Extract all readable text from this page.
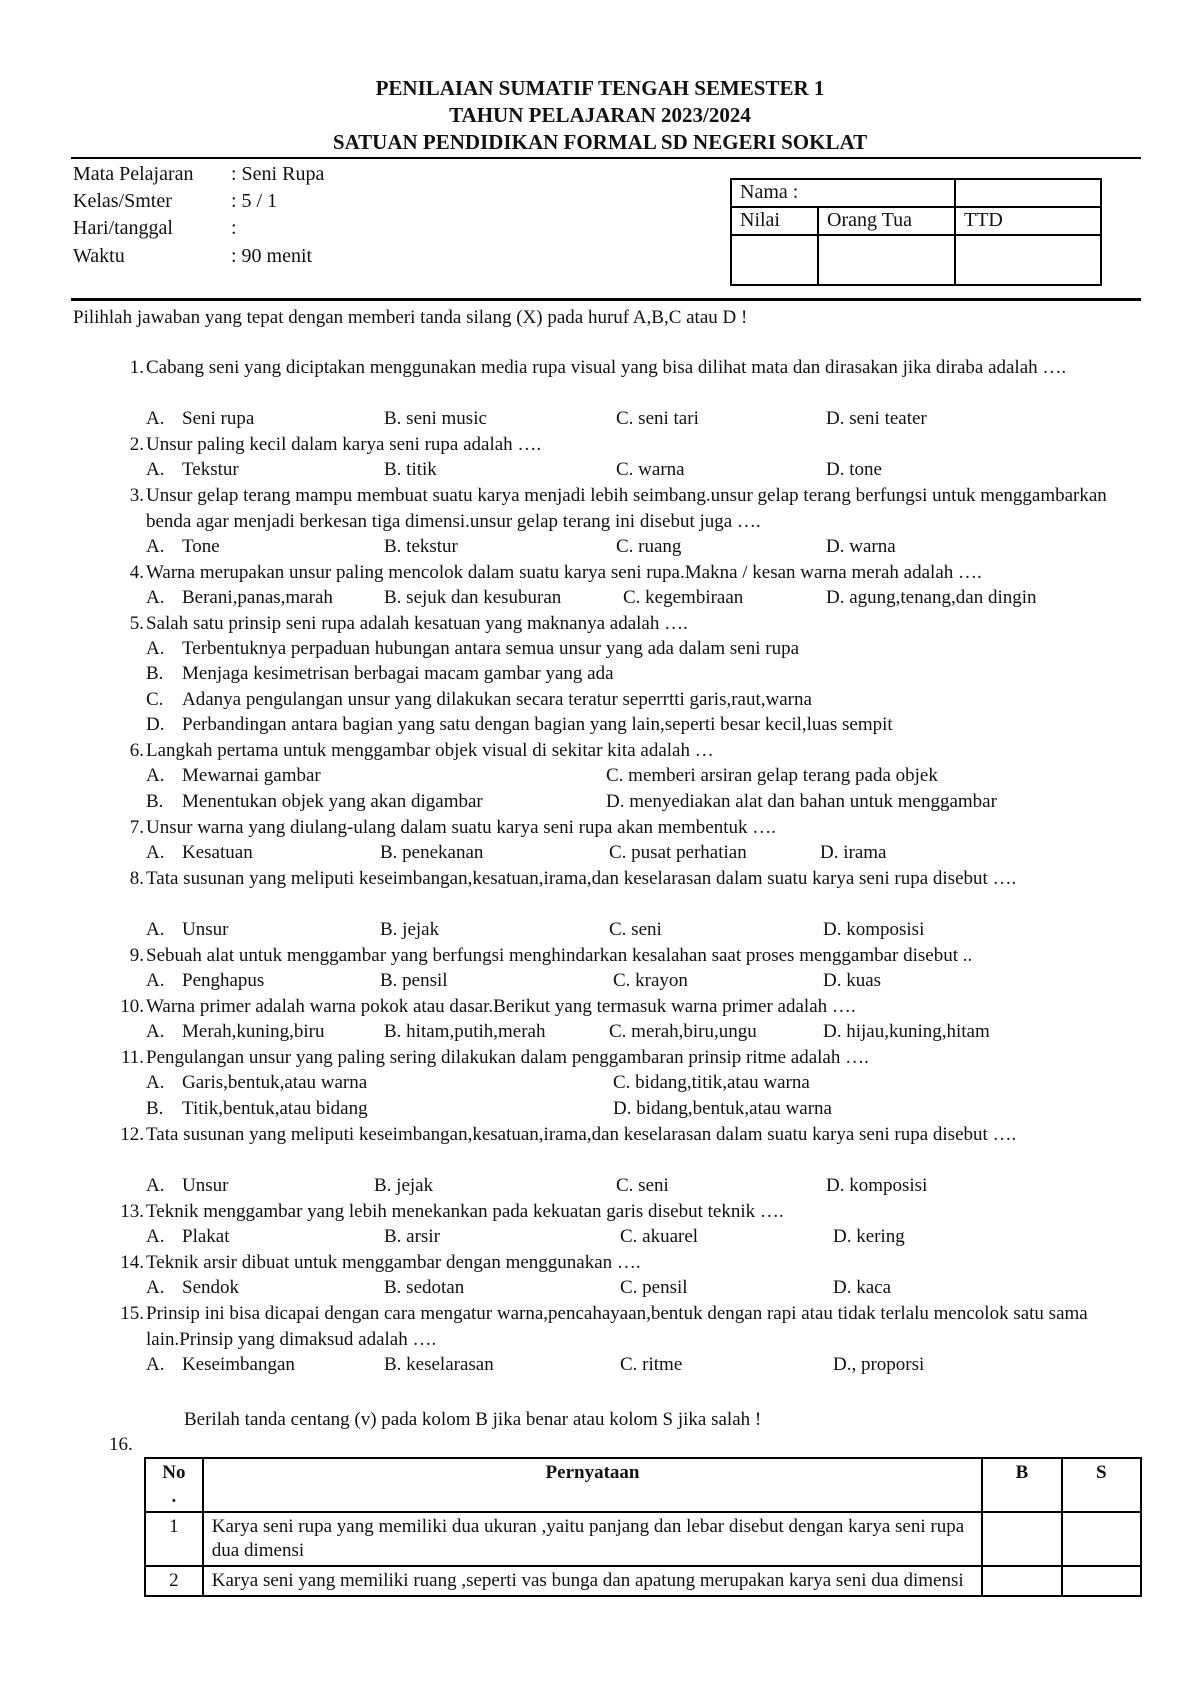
PENILAIAN SUMATIF TENGAH SEMESTER 1
TAHUN PELAJARAN 2023/2024
SATUAN PENDIDIKAN FORMAL SD NEGERI SOKLAT
Mata Pelajaran : Seni Rupa
Kelas/Smter	: 5 / 1
Hari/tanggal	:
Waktu	: 90 menit
Nama :		
Nilai	Orang Tua	TTD

Pilihlah jawaban yang tepat dengan memberi tanda silang (X) pada huruf A,B,C atau D !
1. Cabang seni yang diciptakan menggunakan media rupa visual yang bisa dilihat mata dan dirasakan jika diraba adalah ….
A. Seni rupa	B. seni music	C. seni tari	D. seni teater
2. Unsur paling kecil dalam karya seni rupa adalah ….
A. Tekstur	B. titik	C. warna	D. tone
3. Unsur gelap terang mampu membuat suatu karya menjadi lebih seimbang.unsur gelap terang berfungsi untuk menggambarkan benda agar menjadi berkesan tiga dimensi.unsur gelap terang ini disebut juga ….
A. Tone	B. tekstur	C. ruang	D. warna
4. Warna merupakan unsur paling mencolok dalam suatu karya seni rupa.Makna / kesan warna merah adalah ….
A. Berani,panas,marah	B. sejuk dan kesuburan	C. kegembiraan	D. agung,tenang,dan dingin
5. Salah satu prinsip seni rupa adalah kesatuan yang maknanya adalah ….
A. Terbentuknya perpaduan hubungan antara semua unsur yang ada dalam seni rupa
B. Menjaga kesimetrisan berbagai macam gambar yang ada
C. Adanya pengulangan unsur yang dilakukan secara teratur seperrtti garis,raut,warna
D. Perbandingan antara bagian yang satu dengan bagian yang lain,seperti besar kecil,luas sempit
6. Langkah pertama untuk menggambar objek visual di sekitar kita adalah …
A. Mewarnai gambar	C. memberi arsiran gelap terang pada objek
B. Menentukan objek yang akan digambar	D. menyediakan alat dan bahan untuk menggambar
7. Unsur warna yang diulang-ulang dalam suatu karya seni rupa akan membentuk ….
A. Kesatuan	B. penekanan	C. pusat perhatian	D. irama
8. Tata susunan yang meliputi keseimbangan,kesatuan,irama,dan keselarasan dalam suatu karya seni rupa disebut ….
A. Unsur	B. jejak	C. seni	D. komposisi
9. Sebuah alat untuk menggambar yang berfungsi menghindarkan kesalahan saat proses menggambar disebut ..
A. Penghapus	B. pensil	C. krayon	D. kuas
10. Warna primer adalah warna pokok atau dasar.Berikut yang termasuk warna primer adalah ….
A. Merah,kuning,biru	B. hitam,putih,merah	C. merah,biru,ungu	D. hijau,kuning,hitam
11. Pengulangan unsur yang paling sering dilakukan dalam penggambaran prinsip ritme adalah ….
A. Garis,bentuk,atau warna	C. bidang,titik,atau warna
B. Titik,bentuk,atau bidang	D. bidang,bentuk,atau warna
12. Tata susunan yang meliputi keseimbangan,kesatuan,irama,dan keselarasan dalam suatu karya seni rupa disebut ….
A. Unsur	B. jejak	C. seni	D. komposisi
13. Teknik menggambar yang lebih menekankan pada kekuatan garis disebut teknik ….
A. Plakat	B. arsir	C. akuarel	D. kering
14. Teknik arsir dibuat untuk menggambar dengan menggunakan ….
A. Sendok	B. sedotan	C. pensil	D. kaca
15. Prinsip ini bisa dicapai dengan cara mengatur warna,pencahayaan,bentuk dengan rapi atau tidak terlalu mencolok satu sama lain.Prinsip yang dimaksud adalah ….
A. Keseimbangan	B. keselarasan	C. ritme	D., proporsi
Berilah tanda centang (v) pada kolom B jika benar atau kolom S jika salah !
16.
No
.	Pernyataan	B	S
1	Karya seni rupa yang memiliki dua ukuran ,yaitu panjang dan lebar disebut dengan karya seni rupa dua dimensi		
2	Karya seni yang memiliki ruang ,seperti vas bunga dan apatung merupakan karya seni dua dimensi		
